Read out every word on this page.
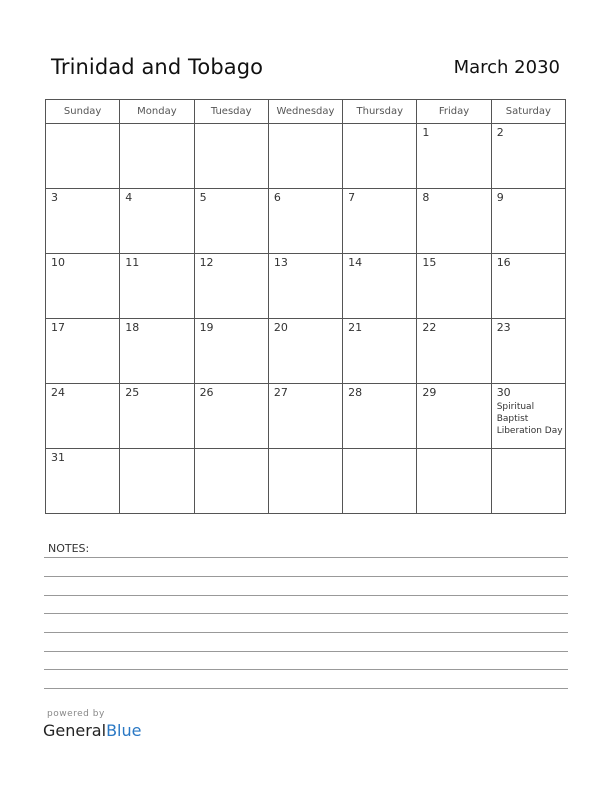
Trinidad and Tobago	March 2030
Sunday	Monday	Tuesday	Wednesday	Thursday	Friday	Saturday

					1	2

3	4	5	6	7	8	9

10	11	12	13	14	15	16

17	18	19	20	21	22	23

24	25	26	27	28	29	30
Spiritual Baptist Liberation Day

31						

NOTES:
powered by
GeneralBlue
